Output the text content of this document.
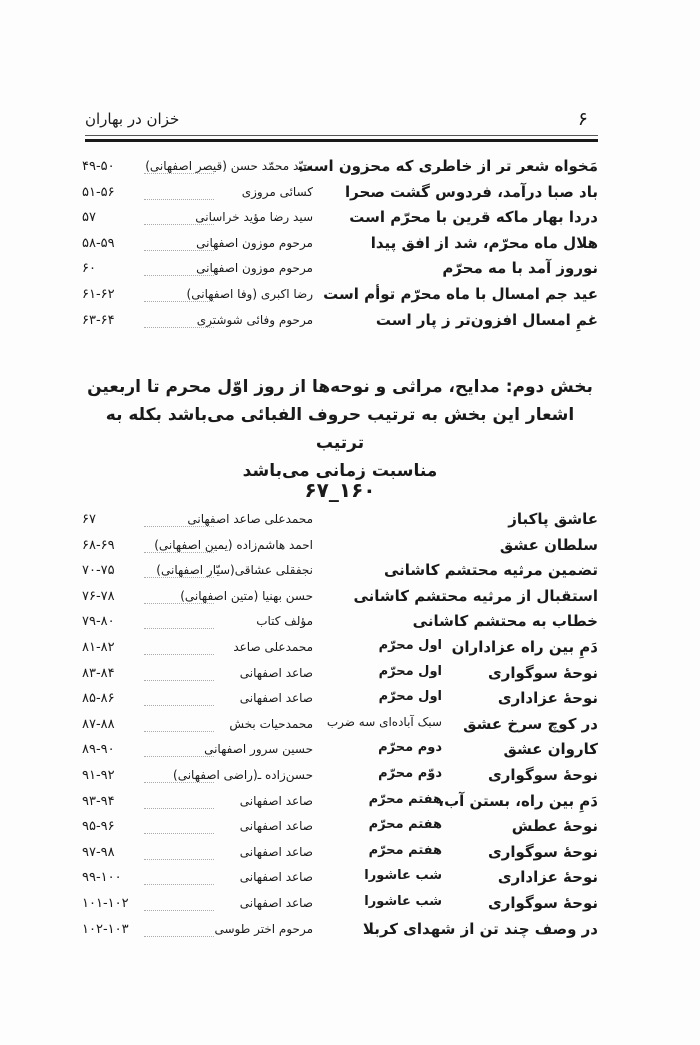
۶
خزان در بهاران
مَخواه شعر تر از خاطری که محزون است
سیّد محمّد حسن (قیصر اصفهانی)
۴۹-۵۰
باد صبا درآمد، فردوس گشت صحرا
کسائی مروزی
۵۱-۵۶
دردا بهار ماکه قرین با محرّم است
سید رضا مؤید خراسانی
۵۷
هلال ماه محرّم، شد از افق پیدا
مرحوم موزون اصفهانی
۵۸-۵۹
نوروز آمد با مه محرّم
مرحوم موزون اصفهانی
۶۰
عید جم امسال با ماه محرّم توأم است
رضا اکبری (وفا اصفهانی)
۶۱-۶۲
غمِ امسال افزون‌تر ز پار است
مرحوم وفائی شوشتری
۶۳-۶۴
بخش دوم: مدایح، مراثی و نوحه‌ها از روز اوّل محرم تا اربعین
اشعار این بخش به ترتیب حروف الفبائی می‌باشد بکله به ترتیب
مناسبت زمانی می‌باشد
۶۷_۱۶۰
عاشق پاکباز
محمدعلی صاعد اصفهانی
۶۷
سلطان عشق
احمد هاشم‌زاده (یمین اصفهانی)
۶۸-۶۹
تضمین مرثیه محتشم کاشانی
نجفقلی عشاقی(سیّار اصفهانی)
۷۰-۷۵
استقبال از مرثیه محتشم کاشانی
حسن بهنیا (متین اصفهانی)
۷۶-۷۸
خطاب به محتشم کاشانی
مؤلف کتاب
۷۹-۸۰
دَمِ بین راه عزاداران
اول محرّم
محمدعلی صاعد
۸۱-۸۲
نوحهٔ سوگواری
اول محرّم
صاعد اصفهانی
۸۳-۸۴
نوحهٔ عزاداری
اول محرّم
صاعد اصفهانی
۸۵-۸۶
در کوچ سرخ عشق
سبک آباده‌ای سه ضرب
محمدحیات بخش
۸۷-۸۸
کاروان عشق
دوم محرّم
حسین سرور اصفهانی
۸۹-۹۰
نوحهٔ سوگواری
دوّم محرّم
حسن‌زاده ـ(راضی اصفهانی)
۹۱-۹۲
دَمِ بین راه، بستن آب،
هفتم محرّم
صاعد اصفهانی
۹۳-۹۴
نوحهٔ عطش
هفتم محرّم
صاعد اصفهانی
۹۵-۹۶
نوحهٔ سوگواری
هفتم محرّم
صاعد اصفهانی
۹۷-۹۸
نوحهٔ عزاداری
شب عاشورا
صاعد اصفهانی
۹۹-۱۰۰
نوحهٔ سوگواری
شب عاشورا
صاعد اصفهانی
۱۰۱-۱۰۲
در وصف چند تن از شهدای کربلا
مرحوم اختر طوسی
۱۰۲-۱۰۳
